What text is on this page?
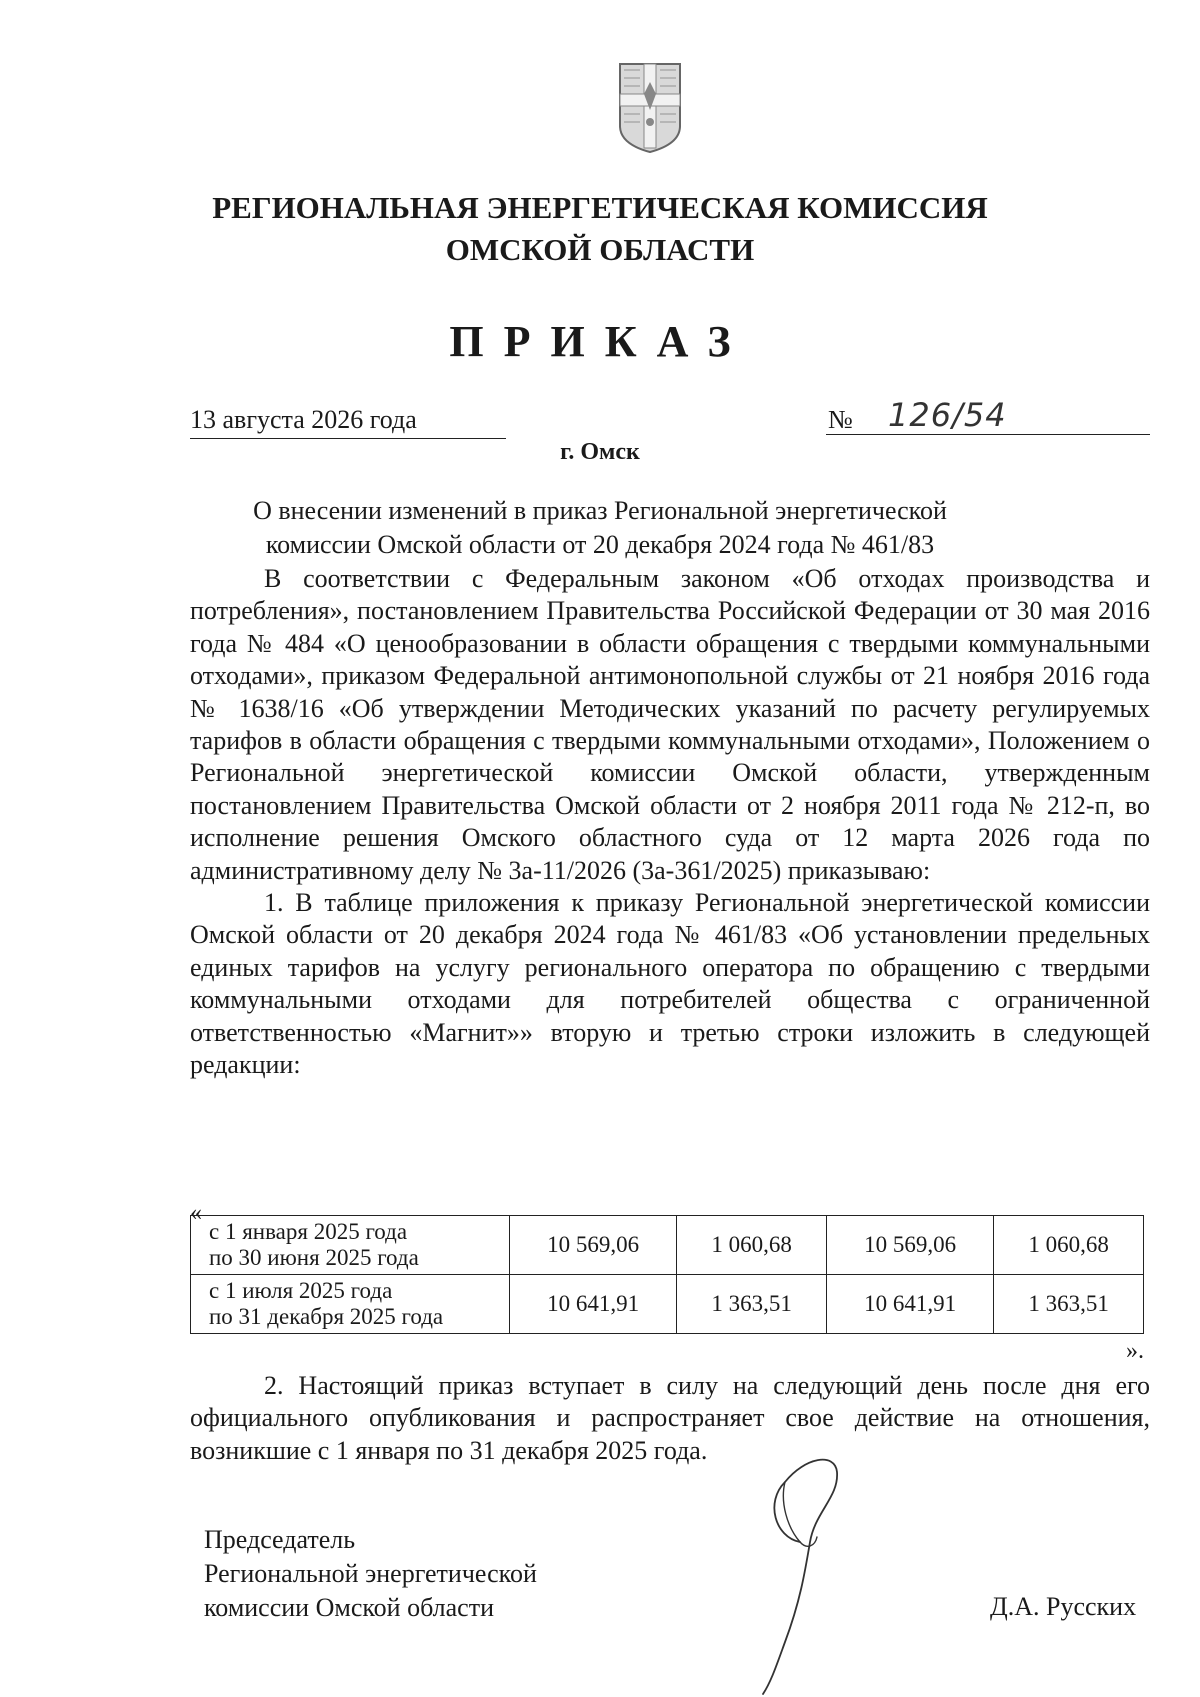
РЕГИОНАЛЬНАЯ ЭНЕРГЕТИЧЕСКАЯ КОМИССИЯ
ОМСКОЙ ОБЛАСТИ
ПРИКАЗ
13 августа 2026 года	№ 126/54
г. Омск
О внесении изменений в приказ Региональной энергетической
комиссии Омской области от 20 декабря 2024 года № 461/83

В соответствии с Федеральным законом «Об отходах производства и потребления», постановлением Правительства Российской Федерации от 30 мая 2016 года № 484 «О ценообразовании в области обращения с твердыми коммунальными отходами», приказом Федеральной антимонопольной службы от 21 ноября 2016 года № 1638/16 «Об утверждении Методических указаний по расчету регулируемых тарифов в области обращения с твердыми коммунальными отходами», Положением о Региональной энергетической комиссии Омской области, утвержденным постановлением Правительства Омской области от 2 ноября 2011 года № 212-п, во исполнение решения Омского областного суда от 12 марта 2026 года по административному делу № 3а-11/2026 (3а-361/2025) приказываю:

1. В таблице приложения к приказу Региональной энергетической комиссии Омской области от 20 декабря 2024 года № 461/83 «Об установлении предельных единых тарифов на услугу регионального оператора по обращению с твердыми коммунальными отходами для потребителей общества с ограниченной ответственностью «Магнит»» вторую и третью строки изложить в следующей редакции:

«
с 1 января 2025 года
по 30 июня 2025 года	10 569,06	1 060,68	10 569,06	1 060,68

с 1 июля 2025 года
по 31 декабря 2025 года	10 641,91	1 363,51	10 641,91	1 363,51
».

2. Настоящий приказ вступает в силу на следующий день после дня его официального опубликования и распространяет свое действие на отношения, возникшие с 1 января по 31 декабря 2025 года.

Председатель
Региональной энергетической
комиссии Омской области	Д.А. Русских
